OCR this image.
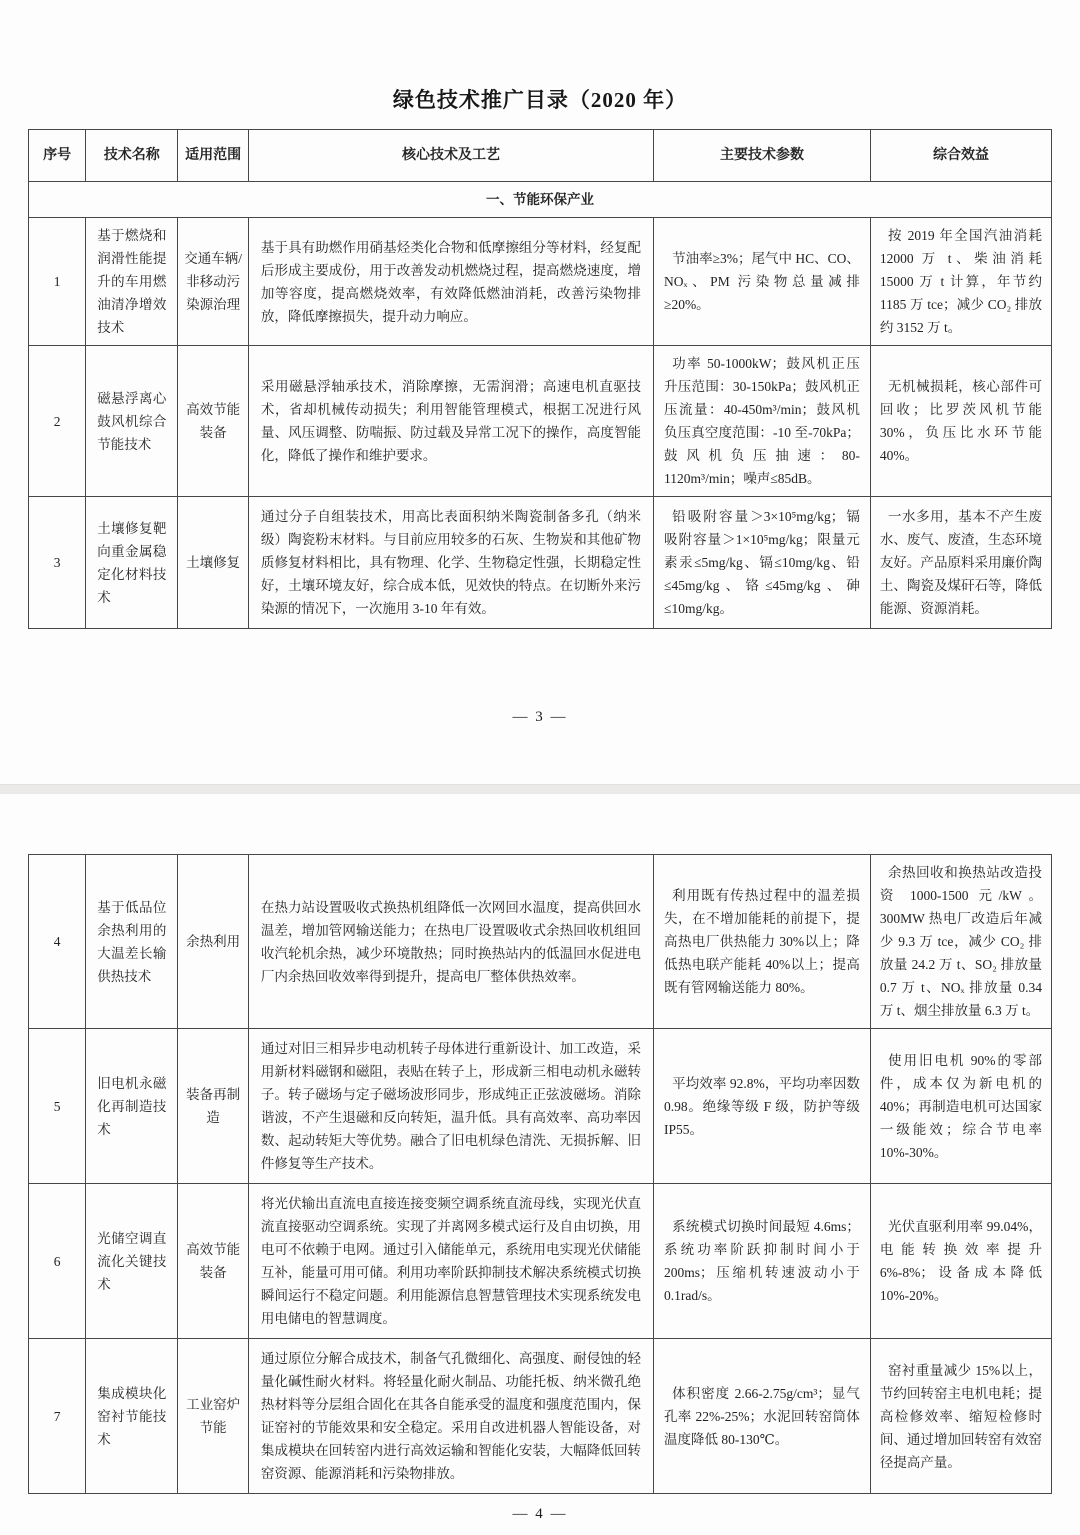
绿色技术推广目录（2020 年）
序号	技术名称	适用范围	核心技术及工艺	主要技术参数	综合效益
一、节能环保产业					
1	基于燃烧和润滑性能提升的车用燃油清净增效技术	交通车辆/非移动污染源治理	基于具有助燃作用硝基烃类化合物和低摩擦组分等材料，经复配后形成主要成份，用于改善发动机燃烧过程，提高燃烧速度，增加等容度，提高燃烧效率，有效降低燃油消耗，改善污染物排放，降低摩擦损失，提升动力响应。	节油率≥3%；尾气中 HC、CO、NOₓ、PM 污染物总量减排≥20%。	按 2019 年全国汽油消耗 12000 万 t、柴油消耗 15000 万 t 计算，年节约 1185 万 tce；减少 CO₂ 排放约 3152 万 t。
2	磁悬浮离心鼓风机综合节能技术	高效节能装备	采用磁悬浮轴承技术，消除摩擦，无需润滑；高速电机直驱技术，省却机械传动损失；利用智能管理模式，根据工况进行风量、风压调整、防喘振、防过载及异常工况下的操作，高度智能化，降低了操作和维护要求。	功率 50-1000kW；鼓风机正压升压范围：30-150kPa；鼓风机正压流量：40-450m³/min；鼓风机负压真空度范围：-10 至-70kPa；鼓风机负压抽速：80-1120m³/min；噪声≤85dB。	无机械损耗，核心部件可回收；比罗茨风机节能 30%，负压比水环节能 40%。
3	土壤修复靶向重金属稳定化材料技术	土壤修复	通过分子自组装技术，用高比表面积纳米陶瓷制备多孔（纳米级）陶瓷粉末材料。与目前应用较多的石灰、生物炭和其他矿物质修复材料相比，具有物理、化学、生物稳定性强，长期稳定性好，土壤环境友好，综合成本低，见效快的特点。在切断外来污染源的情况下，一次施用 3-10 年有效。	铅吸附容量＞3×10⁵mg/kg；镉吸附容量＞1×10⁵mg/kg；限量元素汞≤5mg/kg、镉≤10mg/kg、铅≤45mg/kg、铬≤45mg/kg、砷≤10mg/kg。	一水多用，基本不产生废水、废气、废渣，生态环境友好。产品原料采用廉价陶土、陶瓷及煤矸石等，降低能源、资源消耗。
— 3 —
4	基于低品位余热利用的大温差长输供热技术	余热利用	在热力站设置吸收式换热机组降低一次网回水温度，提高供回水温差，增加管网输送能力；在热电厂设置吸收式余热回收机组回收汽轮机余热，减少环境散热；同时换热站内的低温回水促进电厂内余热回收效率得到提升，提高电厂整体供热效率。	利用既有传热过程中的温差损失，在不增加能耗的前提下，提高热电厂供热能力 30%以上；降低热电联产能耗 40%以上；提高既有管网输送能力 80%。	余热回收和换热站改造投资 1000-1500 元/kW。300MW 热电厂改造后年减少 9.3 万 tce，减少 CO₂ 排放量 24.2 万 t、SO₂ 排放量 0.7 万 t、NOₓ 排放量 0.34 万 t、烟尘排放量 6.3 万 t。
5	旧电机永磁化再制造技术	装备再制造	通过对旧三相异步电动机转子母体进行重新设计、加工改造，采用新材料磁钢和磁阻，表贴在转子上，形成新三相电动机永磁转子。转子磁场与定子磁场波形同步，形成纯正正弦波磁场。消除谐波，不产生退磁和反向转矩，温升低。具有高效率、高功率因数、起动转矩大等优势。融合了旧电机绿色清洗、无损拆解、旧件修复等生产技术。	平均效率 92.8%，平均功率因数 0.98。绝缘等级 F 级，防护等级 IP55。	使用旧电机 90%的零部件，成本仅为新电机的 40%；再制造电机可达国家一级能效；综合节电率 10%-30%。
6	光储空调直流化关键技术	高效节能装备	将光伏输出直流电直接连接变频空调系统直流母线，实现光伏直流直接驱动空调系统。实现了并离网多模式运行及自由切换，用电可不依赖于电网。通过引入储能单元，系统用电实现光伏储能互补，能量可用可储。利用功率阶跃抑制技术解决系统模式切换瞬间运行不稳定问题。利用能源信息智慧管理技术实现系统发电用电储电的智慧调度。	系统模式切换时间最短 4.6ms；系统功率阶跃抑制时间小于 200ms；压缩机转速波动小于 0.1rad/s。	光伏直驱利用率 99.04%，电能转换效率提升 6%-8%；设备成本降低 10%-20%。
7	集成模块化窑衬节能技术	工业窑炉节能	通过原位分解合成技术，制备气孔微细化、高强度、耐侵蚀的轻量化碱性耐火材料。将轻量化耐火制品、功能托板、纳米微孔绝热材料等分层组合固化在其各自能承受的温度和强度范围内，保证窑衬的节能效果和安全稳定。采用自改进机器人智能设备，对集成模块在回转窑内进行高效运输和智能化安装，大幅降低回转窑资源、能源消耗和污染物排放。	体积密度 2.66-2.75g/cm³；显气孔率 22%-25%；水泥回转窑筒体温度降低 80-130℃。	窑衬重量减少 15%以上，节约回转窑主电机电耗；提高检修效率、缩短检修时间、通过增加回转窑有效窑径提高产量。
— 4 —
